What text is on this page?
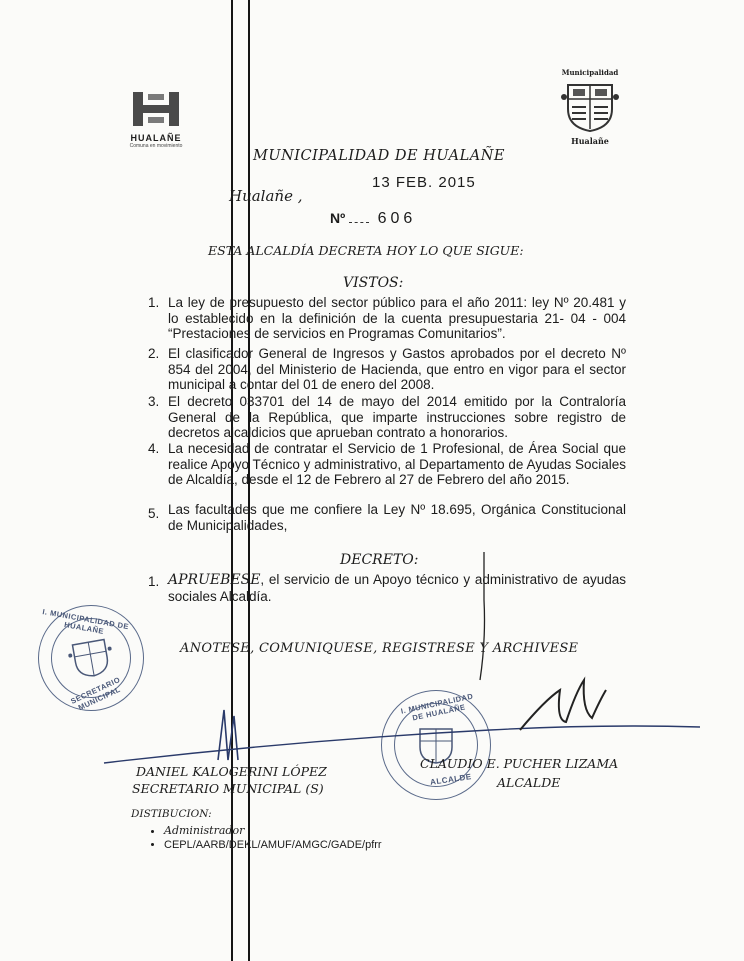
HUALAÑE
Comuna en movimiento
Municipalidad
Hualañe
MUNICIPALIDAD DE HUALAÑE
13 FEB. 2015
Hualañe ,
Nº 606
ESTA ALCALDÍA DECRETA HOY LO QUE SIGUE:
VISTOS:
1. La ley de presupuesto del sector público para el año 2011: ley Nº 20.481 y lo establecido en la definición de la cuenta presupuestaria 21- 04 - 004 “Prestaciones de servicios en Programas Comunitarios”.
2. El clasificador General de Ingresos y Gastos aprobados por el decreto Nº 854 del 2004, del Ministerio de Hacienda, que entro en vigor para el sector municipal a contar del 01 de enero del 2008.
3. El decreto 033701 del 14 de mayo del 2014 emitido por la Contraloría General de la República, que imparte instrucciones sobre registro de decretos alcaldicios que aprueban contrato a honorarios.
4. La necesidad de contratar el Servicio de 1 Profesional, de Área Social que realice Apoyo Técnico y administrativo, al Departamento de Ayudas Sociales de Alcaldía, desde el 12 de Febrero al 27 de Febrero del año 2015.
5. Las facultades que me confiere la Ley Nº 18.695, Orgánica Constitucional de Municipalidades,
DECRETO:
1. APRUEBESE, el servicio de un Apoyo técnico y administrativo de ayudas sociales Alcaldía.
ANOTESE, COMUNIQUESE, REGISTRESE Y ARCHIVESE
I. MUNICIPALIDAD DE HUALAÑE
SECRETARIO MUNICIPAL	I. MUNICIPALIDAD DE HUALAÑE
ALCALDE
DANIEL KALOGERINI LÓPEZ
SECRETARIO MUNICIPAL (S)
CLAUDIO E. PUCHER LIZAMA
ALCALDE
DISTIBUCION:
• Administrador
• CEPL/AARB/DEKL/AMUF/AMGC/GADE/pfrr
